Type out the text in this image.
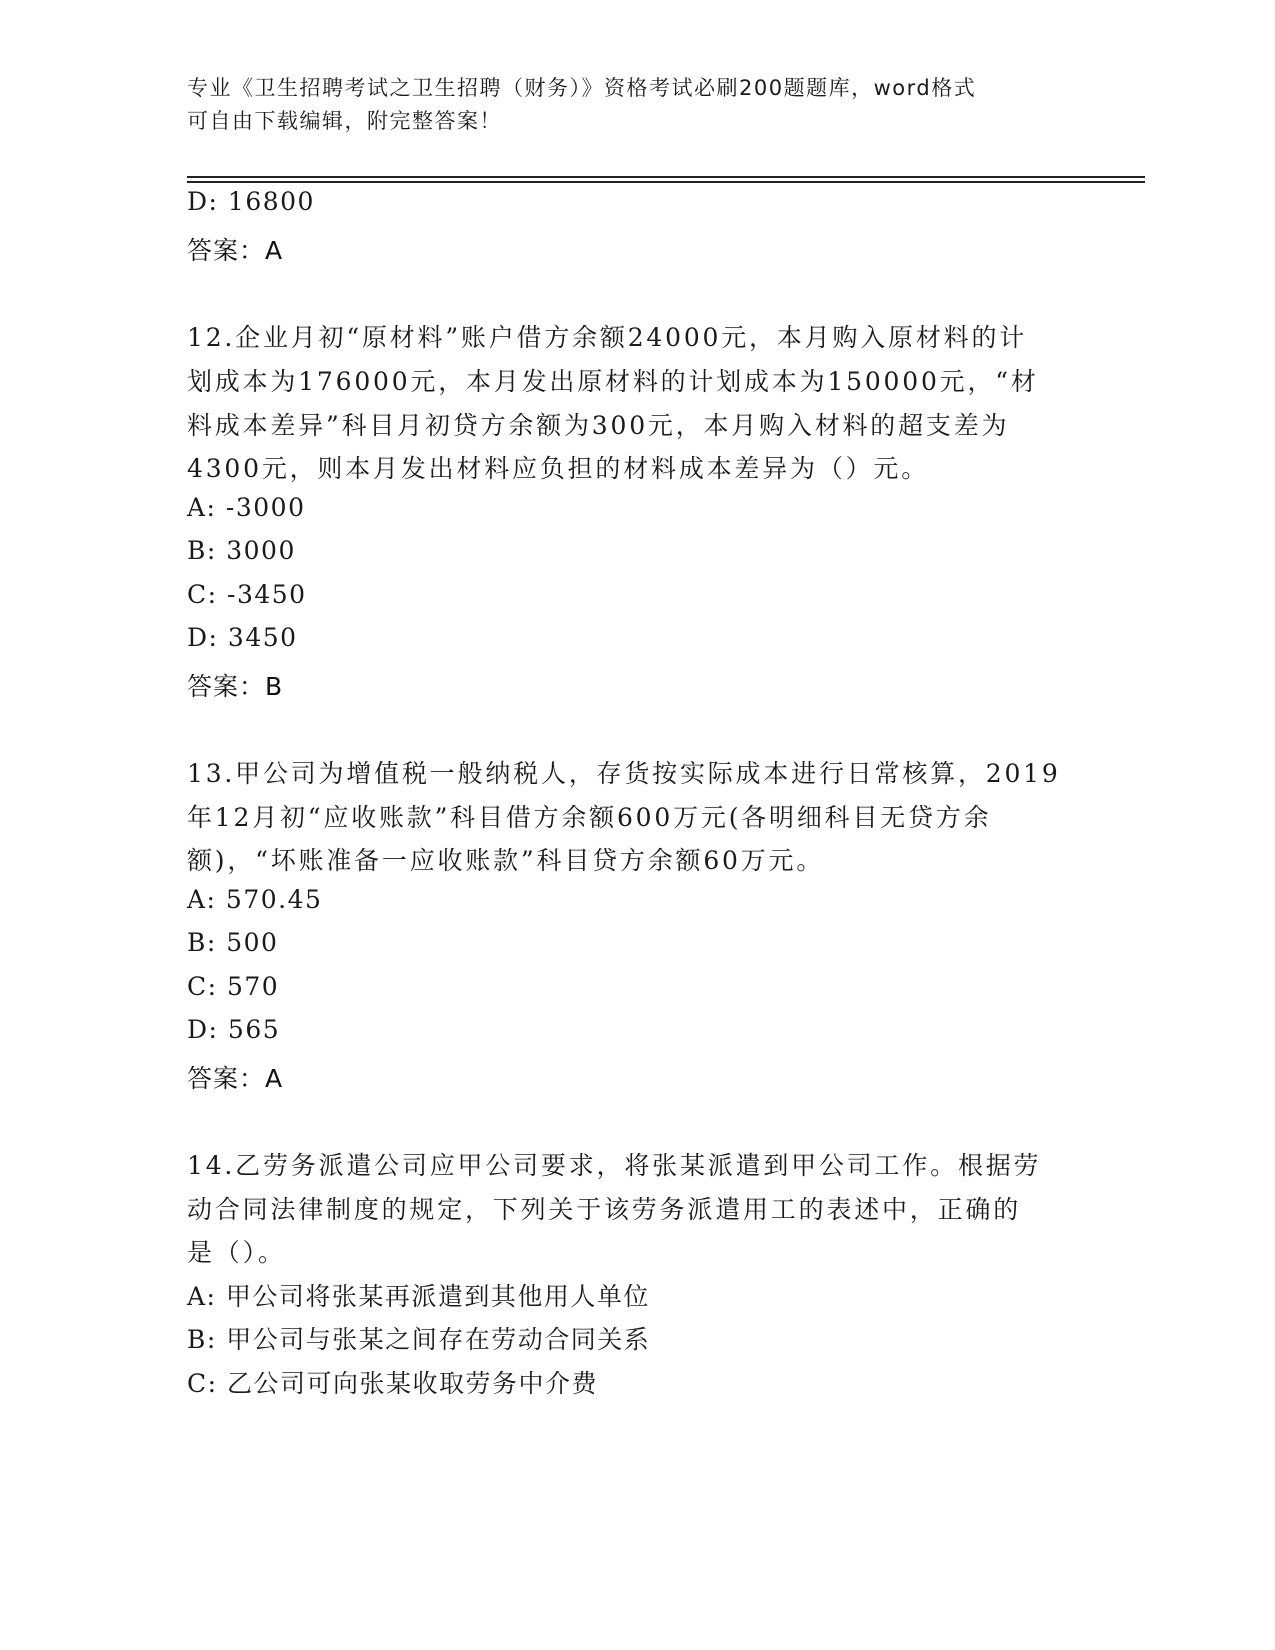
专业《卫生招聘考试之卫生招聘（财务）》资格考试必刷200题题库，word格式
可自由下载编辑，附完整答案！
D: 16800
答案：A
12.企业月初“原材料”账户借方余额24000元，本月购入原材料的计
划成本为176000元，本月发出原材料的计划成本为150000元，“材
料成本差异”科目月初贷方余额为300元，本月购入材料的超支差为
4300元，则本月发出材料应负担的材料成本差异为（）元。
A: -3000
B: 3000
C: -3450
D: 3450
答案：B
13.甲公司为增值税一般纳税人，存货按实际成本进行日常核算，2019
年12月初“应收账款”科目借方余额600万元(各明细科目无贷方余
额)，“坏账准备一应收账款”科目贷方余额60万元。
A: 570.45
B: 500
C: 570
D: 565
答案：A
14.乙劳务派遣公司应甲公司要求，将张某派遣到甲公司工作。根据劳
动合同法律制度的规定，下列关于该劳务派遣用工的表述中，正确的
是（）。
A: 甲公司将张某再派遣到其他用人单位
B: 甲公司与张某之间存在劳动合同关系
C: 乙公司可向张某收取劳务中介费
